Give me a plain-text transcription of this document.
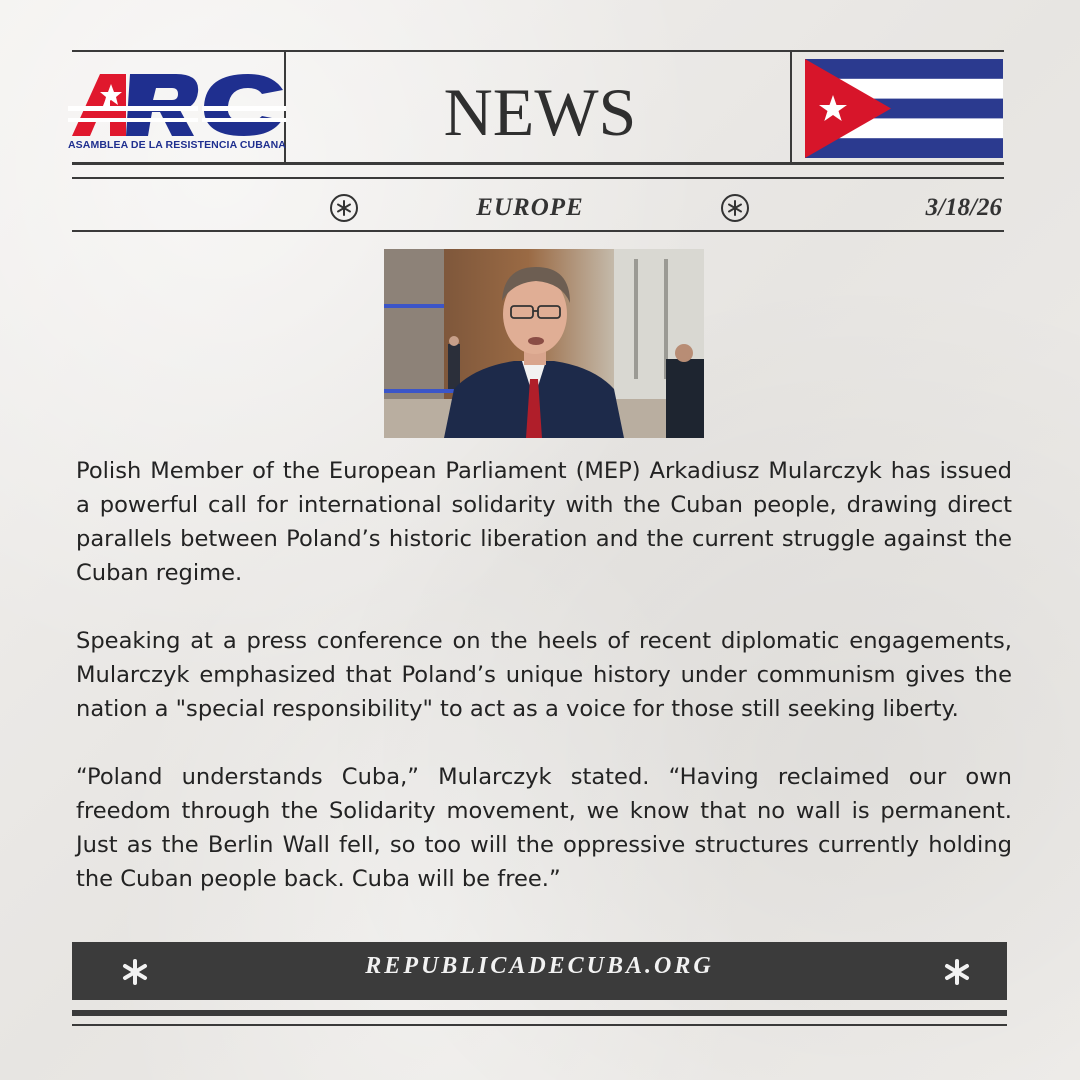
ASAMBLEA DE LA RESISTENCIA CUBANA	NEWS
EUROPE	3/18/26

Polish Member of the European Parliament (MEP) Arkadiusz Mularczyk has issued a powerful call for international solidarity with the Cuban people, drawing direct parallels between Poland’s historic liberation and the current struggle against the Cuban regime.

Speaking at a press conference on the heels of recent diplomatic engagements, Mularczyk emphasized that Poland’s unique history under communism gives the nation a "special responsibility" to act as a voice for those still seeking liberty.

“Poland understands Cuba,” Mularczyk stated. “Having reclaimed our own freedom through the Solidarity movement, we know that no wall is permanent. Just as the Berlin Wall fell, so too will the oppressive structures currently holding the Cuban people back. Cuba will be free.”

REPUBLICADECUBA.ORG
